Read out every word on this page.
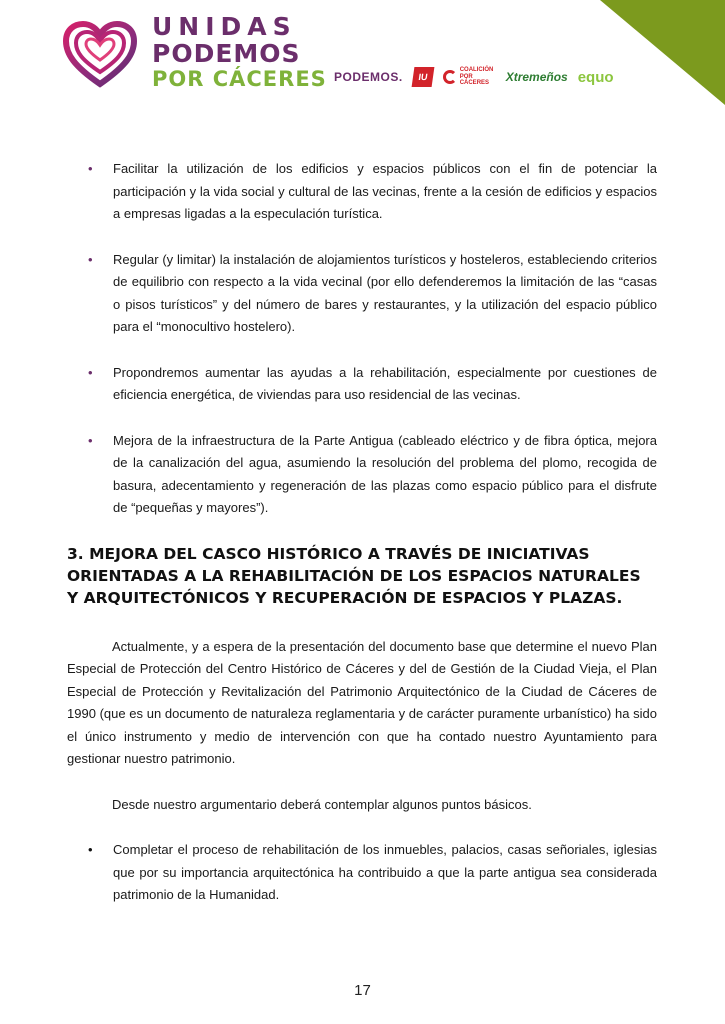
UNIDAS
PODEMOS
POR CÁCERES PODEMOS.	IU
COALICIÓN POR CÁCERES	Xtremeños equo
• Facilitar la utilización de los edificios y espacios públicos con el fin de potenciar la participación y la vida social y cultural de las vecinas, frente a la cesión de edificios y espacios a empresas ligadas a la especulación turística.
• Regular (y limitar) la instalación de alojamientos turísticos y hosteleros, estableciendo criterios de equilibrio con respecto a la vida vecinal (por ello defenderemos la limitación de las “casas o pisos turísticos” y del número de bares y restaurantes, y la utilización del espacio público para el “monocultivo hostelero).
• Propondremos aumentar las ayudas a la rehabilitación, especialmente por cuestiones de eficiencia energética, de viviendas para uso residencial de las vecinas.
• Mejora de la infraestructura de la Parte Antigua (cableado eléctrico y de fibra óptica, mejora de la canalización del agua, asumiendo la resolución del problema del plomo, recogida de basura, adecentamiento y regeneración de las plazas como espacio público para el disfrute de “pequeñas y mayores”).
3. MEJORA DEL CASCO HISTÓRICO A TRAVÉS DE INICIATIVAS ORIENTADAS A LA REHABILITACIÓN DE LOS ESPACIOS NATURALES Y ARQUITECTÓNICOS Y RECUPERACIÓN DE ESPACIOS Y PLAZAS.

Actualmente, y a espera de la presentación del documento base que determine el nuevo Plan Especial de Protección del Centro Histórico de Cáceres y del de Gestión de la Ciudad Vieja, el Plan Especial de Protección y Revitalización del Patrimonio Arquitectónico de la Ciudad de Cáceres de 1990 (que es un documento de naturaleza reglamentaria y de carácter puramente urbanístico) ha sido el único instrumento y medio de intervención con que ha contado nuestro Ayuntamiento para gestionar nuestro patrimonio.

Desde nuestro argumentario deberá contemplar algunos puntos básicos.

• Completar el proceso de rehabilitación de los inmuebles, palacios, casas señoriales, iglesias que por su importancia arquitectónica ha contribuido a que la parte antigua sea considerada patrimonio de la Humanidad.
17
